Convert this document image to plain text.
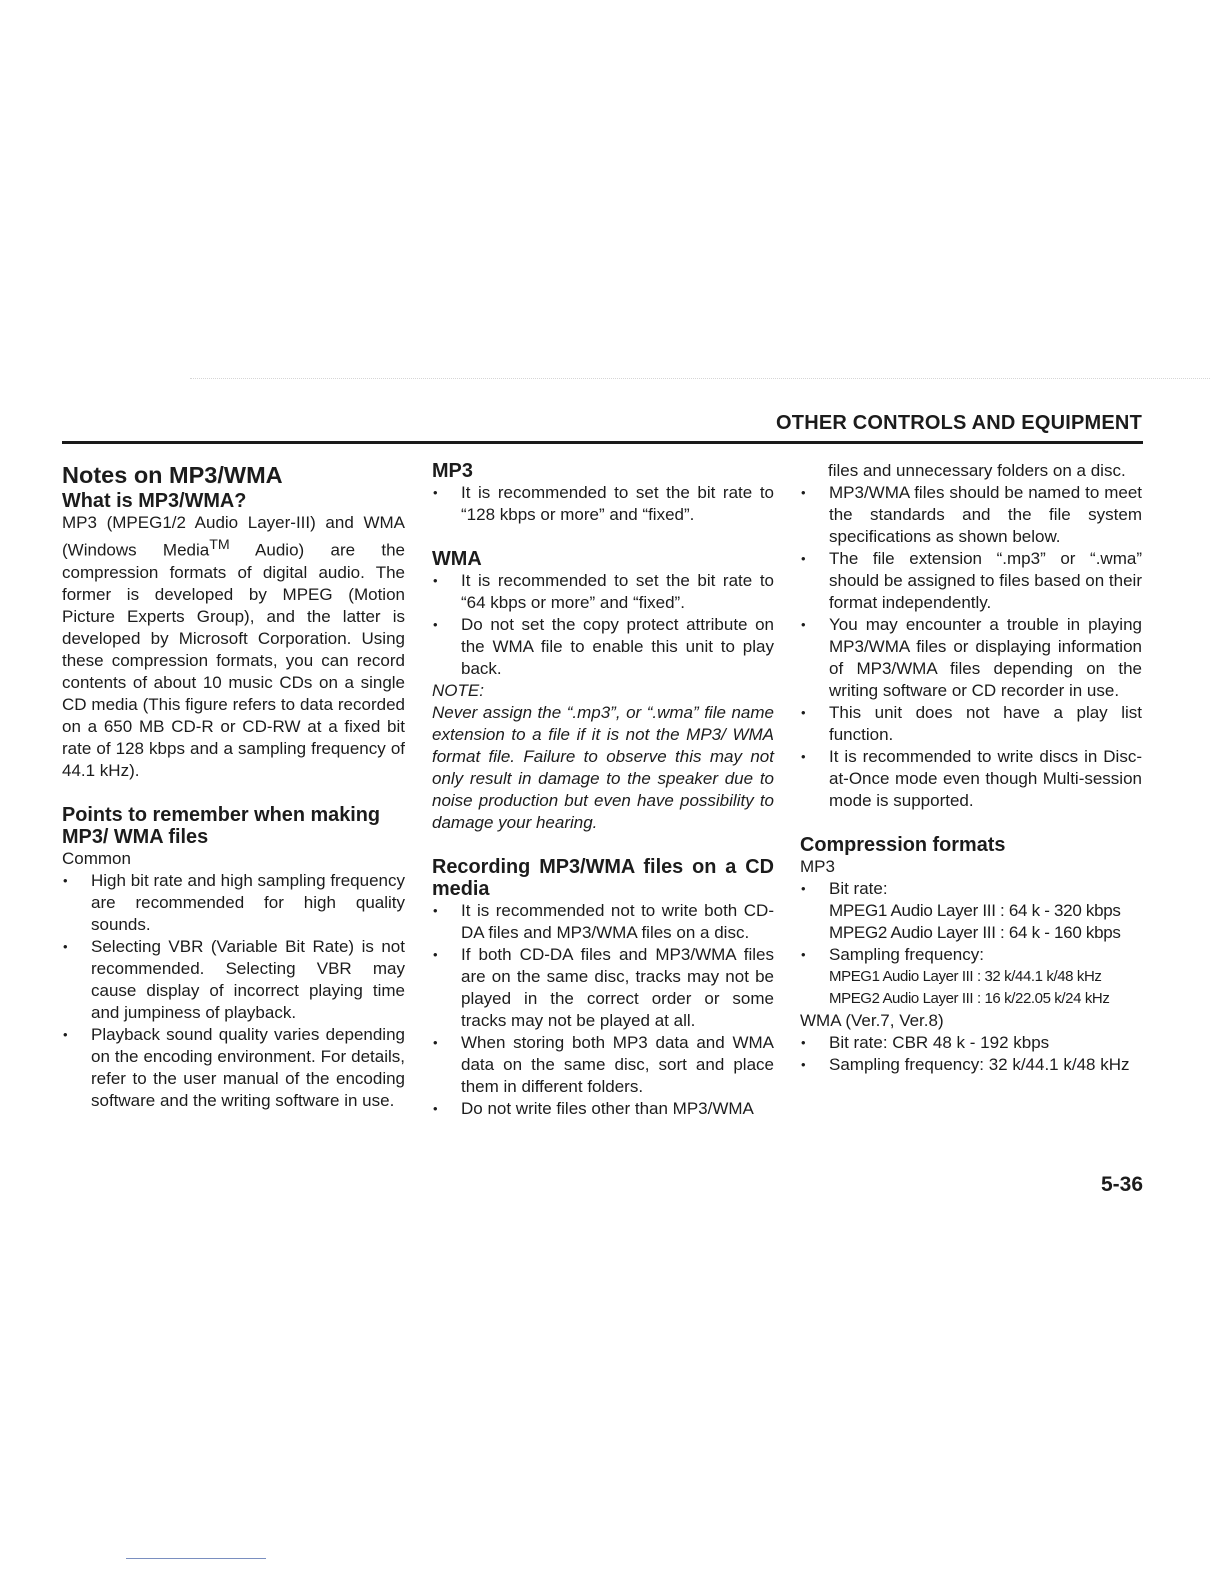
OTHER CONTROLS AND EQUIPMENT
Notes on MP3/WMA
What is MP3/WMA?

MP3 (MPEG1/2 Audio Layer-III) and WMA (Windows Media™ Audio) are the compression formats of digital audio. The former is developed by MPEG (Motion Picture Experts Group), and the latter is developed by Microsoft Corporation. Using these compression formats, you can record contents of about 10 music CDs on a single CD media (This figure refers to data recorded on a 650 MB CD-R or CD-RW at a fixed bit rate of 128 kbps and a sampling frequency of 44.1 kHz).

Points to remember when making MP3/ WMA files

Common

• High bit rate and high sampling frequency are recommended for high quality sounds.
• Selecting VBR (Variable Bit Rate) is not recommended. Selecting VBR may cause display of incorrect playing time and jumpiness of playback.
• Playback sound quality varies depending on the encoding environment. For details, refer to the user manual of the encoding software and the writing software in use.
MP3
• It is recommended to set the bit rate to “128 kbps or more” and “fixed”.
WMA
• It is recommended to set the bit rate to “64 kbps or more” and “fixed”.
• Do not set the copy protect attribute on the WMA file to enable this unit to play back.

NOTE:

Never assign the “.mp3”, or “.wma” file name extension to a file if it is not the MP3/ WMA format file. Failure to observe this may not only result in damage to the speaker due to noise production but even have possibility to damage your hearing.

Recording MP3/WMA files on a CD media
• It is recommended not to write both CD-DA files and MP3/WMA files on a disc.
• If both CD-DA files and MP3/WMA files are on the same disc, tracks may not be played in the correct order or some tracks may not be played at all.
• When storing both MP3 data and WMA data on the same disc, sort and place them in different folders.
• Do not write files other than MP3/WMA

files and unnecessary folders on a disc.

• MP3/WMA files should be named to meet the standards and the file system specifications as shown below.
• The file extension “.mp3” or “.wma” should be assigned to files based on their format independently.
• You may encounter a trouble in playing MP3/WMA files or displaying information of MP3/WMA files depending on the writing software or CD recorder in use.
• This unit does not have a play list function.
• It is recommended to write discs in Disc-at-Once mode even though Multi-session mode is supported.
Compression formats

MP3

• Bit rate:

MPEG1 Audio Layer III : 64 k - 320 kbps

MPEG2 Audio Layer III : 64 k - 160 kbps

• Sampling frequency:

MPEG1 Audio Layer III : 32 k/44.1 k/48 kHz

MPEG2 Audio Layer III : 16 k/22.05 k/24 kHz

WMA (Ver.7, Ver.8)

• Bit rate: CBR 48 k - 192 kbps
• Sampling frequency: 32 k/44.1 k/48 kHz

5-36
